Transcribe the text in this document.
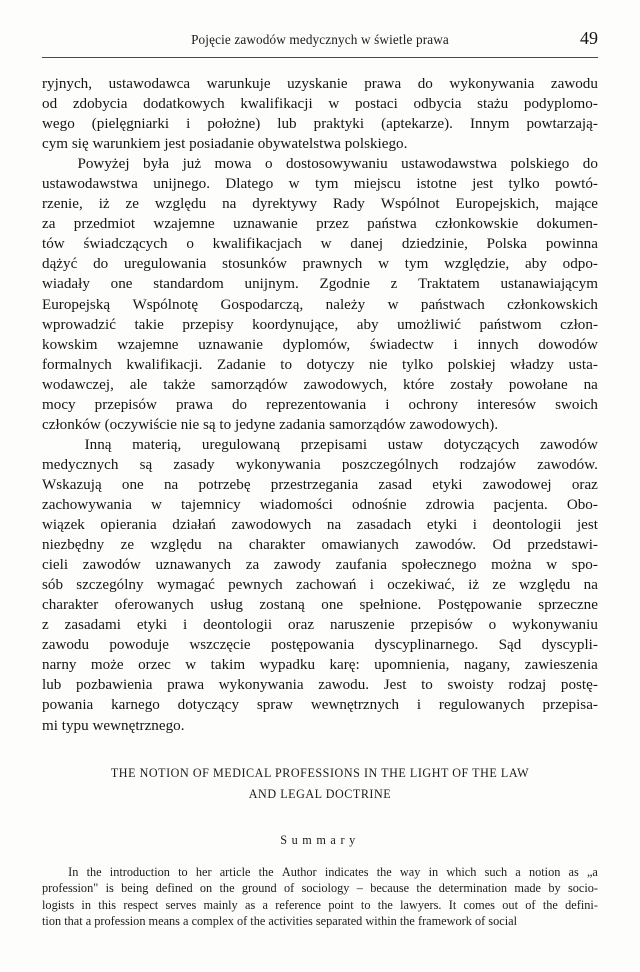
Pojęcie zawodów medycznych w świetle prawa	49

ryjnych, ustawodawca warunkuje uzyskanie prawa do wykonywania zawodu
od zdobycia dodatkowych kwalifikacji w postaci odbycia stażu podyplomo-
wego (pielęgniarki i położne) lub praktyki (aptekarze). Innym powtarzają-
cym się warunkiem jest posiadanie obywatelstwa polskiego.

Powyżej była już mowa o dostosowywaniu ustawodawstwa polskiego do
ustawodawstwa unijnego. Dlatego w tym miejscu istotne jest tylko powtó-
rzenie, iż ze względu na dyrektywy Rady Wspólnot Europejskich, mające
za przedmiot wzajemne uznawanie przez państwa członkowskie dokumen-
tów świadczących o kwalifikacjach w danej dziedzinie, Polska powinna
dążyć do uregulowania stosunków prawnych w tym względzie, aby odpo-
wiadały one standardom unijnym. Zgodnie z Traktatem ustanawiającym
Europejską Wspólnotę Gospodarczą, należy w państwach członkowskich
wprowadzić takie przepisy koordynujące, aby umożliwić państwom człon-
kowskim wzajemne uznawanie dyplomów, świadectw i innych dowodów
formalnych kwalifikacji. Zadanie to dotyczy nie tylko polskiej władzy usta-
wodawczej, ale także samorządów zawodowych, które zostały powołane na
mocy przepisów prawa do reprezentowania i ochrony interesów swoich
członków (oczywiście nie są to jedyne zadania samorządów zawodowych).

Inną materią, uregulowaną przepisami ustaw dotyczących zawodów
medycznych są zasady wykonywania poszczególnych rodzajów zawodów.
Wskazują one na potrzebę przestrzegania zasad etyki zawodowej oraz
zachowywania w tajemnicy wiadomości odnośnie zdrowia pacjenta. Obo-
wiązek opierania działań zawodowych na zasadach etyki i deontologii jest
niezbędny ze względu na charakter omawianych zawodów. Od przedstawi-
cieli zawodów uznawanych za zawody zaufania społecznego można w spo-
sób szczególny wymagać pewnych zachowań i oczekiwać, iż ze względu na
charakter oferowanych usług zostaną one spełnione. Postępowanie sprzeczne
z zasadami etyki i deontologii oraz naruszenie przepisów o wykonywaniu
zawodu powoduje wszczęcie postępowania dyscyplinarnego. Sąd dyscypli-
narny może orzec w takim wypadku karę: upomnienia, nagany, zawieszenia
lub pozbawienia prawa wykonywania zawodu. Jest to swoisty rodzaj postę-
powania karnego dotyczący spraw wewnętrznych i regulowanych przepisa-
mi typu wewnętrznego.

THE NOTION OF MEDICAL PROFESSIONS IN THE LIGHT OF THE LAW
AND LEGAL DOCTRINE
Summary

In the introduction to her article the Author indicates the way in which such a notion as „a
profession" is being defined on the ground of sociology – because the determination made by socio-
logists in this respect serves mainly as a reference point to the lawyers. It comes out of the defini-
tion that a profession means a complex of the activities separated within the framework of social
